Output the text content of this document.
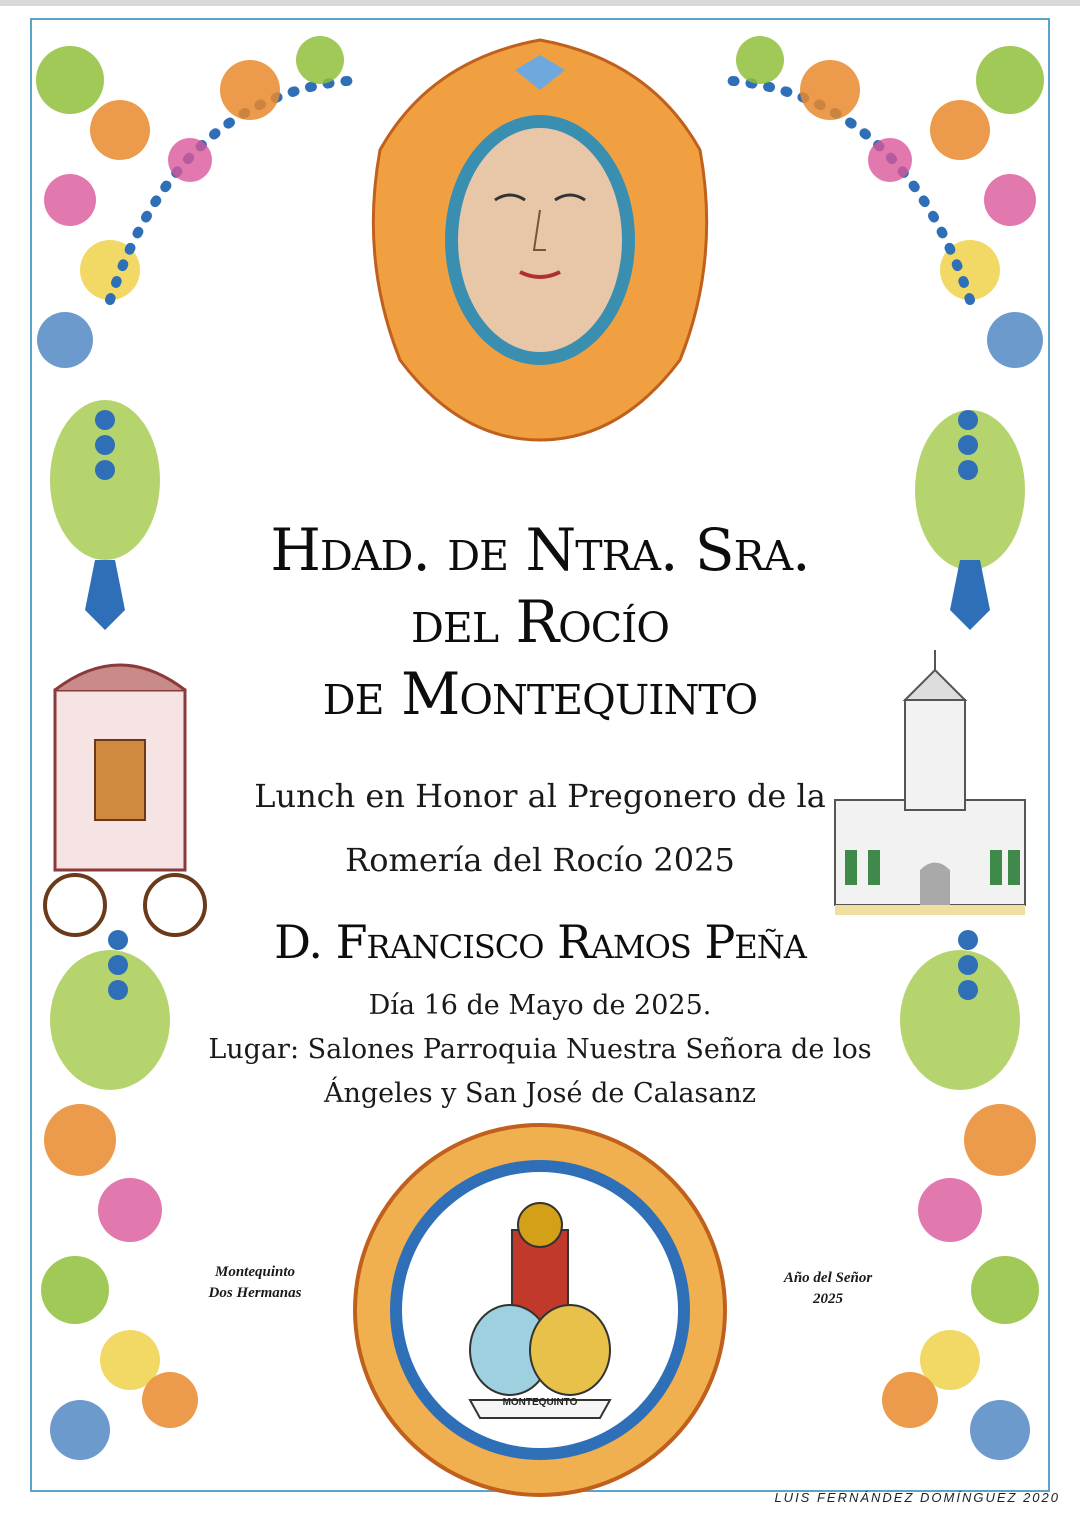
Hdad. de Ntra. Sra.
del Rocío
de Montequinto
Lunch en Honor al Pregonero de la
Romería del Rocío 2025
D. Francisco Ramos Peña
Día 16 de Mayo de 2025.
Lugar: Salones Parroquia Nuestra Señora de los
Ángeles y San José de Calasanz
Montequinto
Dos Hermanas
Año del Señor
2025
MONTEQUINTO
LUIS FERNÁNDEZ DOMÍNGUEZ 2020
